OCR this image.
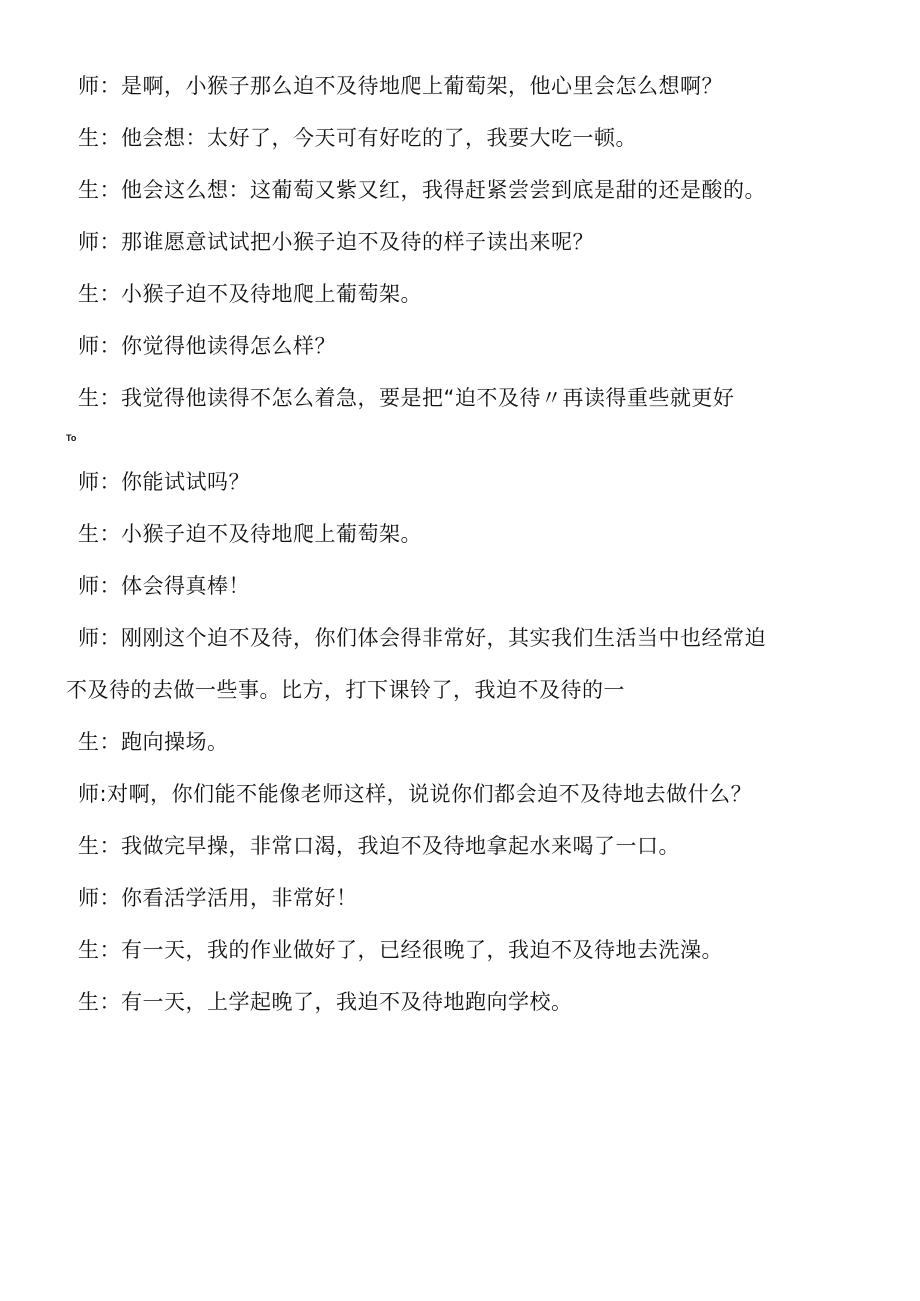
师：是啊，小猴子那么迫不及待地爬上葡萄架，他心里会怎么想啊？
生：他会想：太好了，今天可有好吃的了，我要大吃一顿。
生：他会这么想：这葡萄又紫又红，我得赶紧尝尝到底是甜的还是酸的。
师：那谁愿意试试把小猴子迫不及待的样子读出来呢？
生：小猴子迫不及待地爬上葡萄架。
师：你觉得他读得怎么样？
生：我觉得他读得不怎么着急，要是把“迫不及待〃再读得重些就更好
To
师：你能试试吗？
生：小猴子迫不及待地爬上葡萄架。
师：体会得真棒！
师：刚刚这个迫不及待，你们体会得非常好，其实我们生活当中也经常迫
不及待的去做一些事。比方，打下课铃了，我迫不及待的一
生：跑向操场。
师:对啊，你们能不能像老师这样，说说你们都会迫不及待地去做什么？
生：我做完早操，非常口渴，我迫不及待地拿起水来喝了一口。
师：你看活学活用，非常好！
生：有一天，我的作业做好了，已经很晚了，我迫不及待地去洗澡。
生：有一天，上学起晚了，我迫不及待地跑向学校。
